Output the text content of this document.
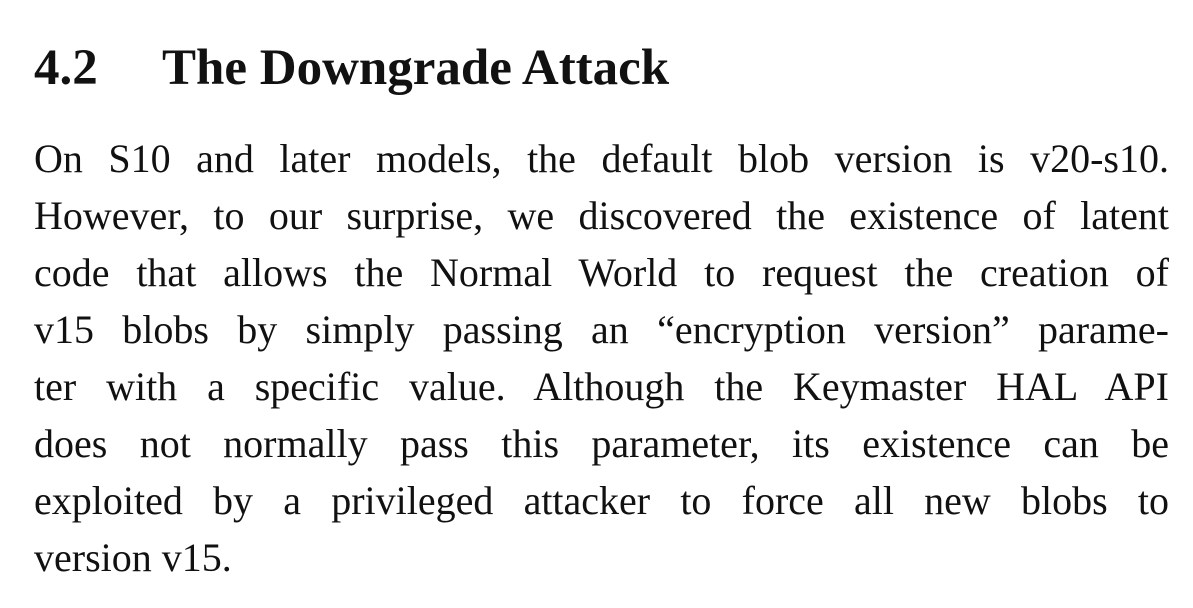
4.2 The Downgrade Attack
On S10 and later models, the default blob version is v20-s10.
However, to our surprise, we discovered the existence of latent
code that allows the Normal World to request the creation of
v15 blobs by simply passing an “encryption version” parame-
ter with a specific value. Although the Keymaster HAL API
does not normally pass this parameter, its existence can be
exploited by a privileged attacker to force all new blobs to
version v15.
